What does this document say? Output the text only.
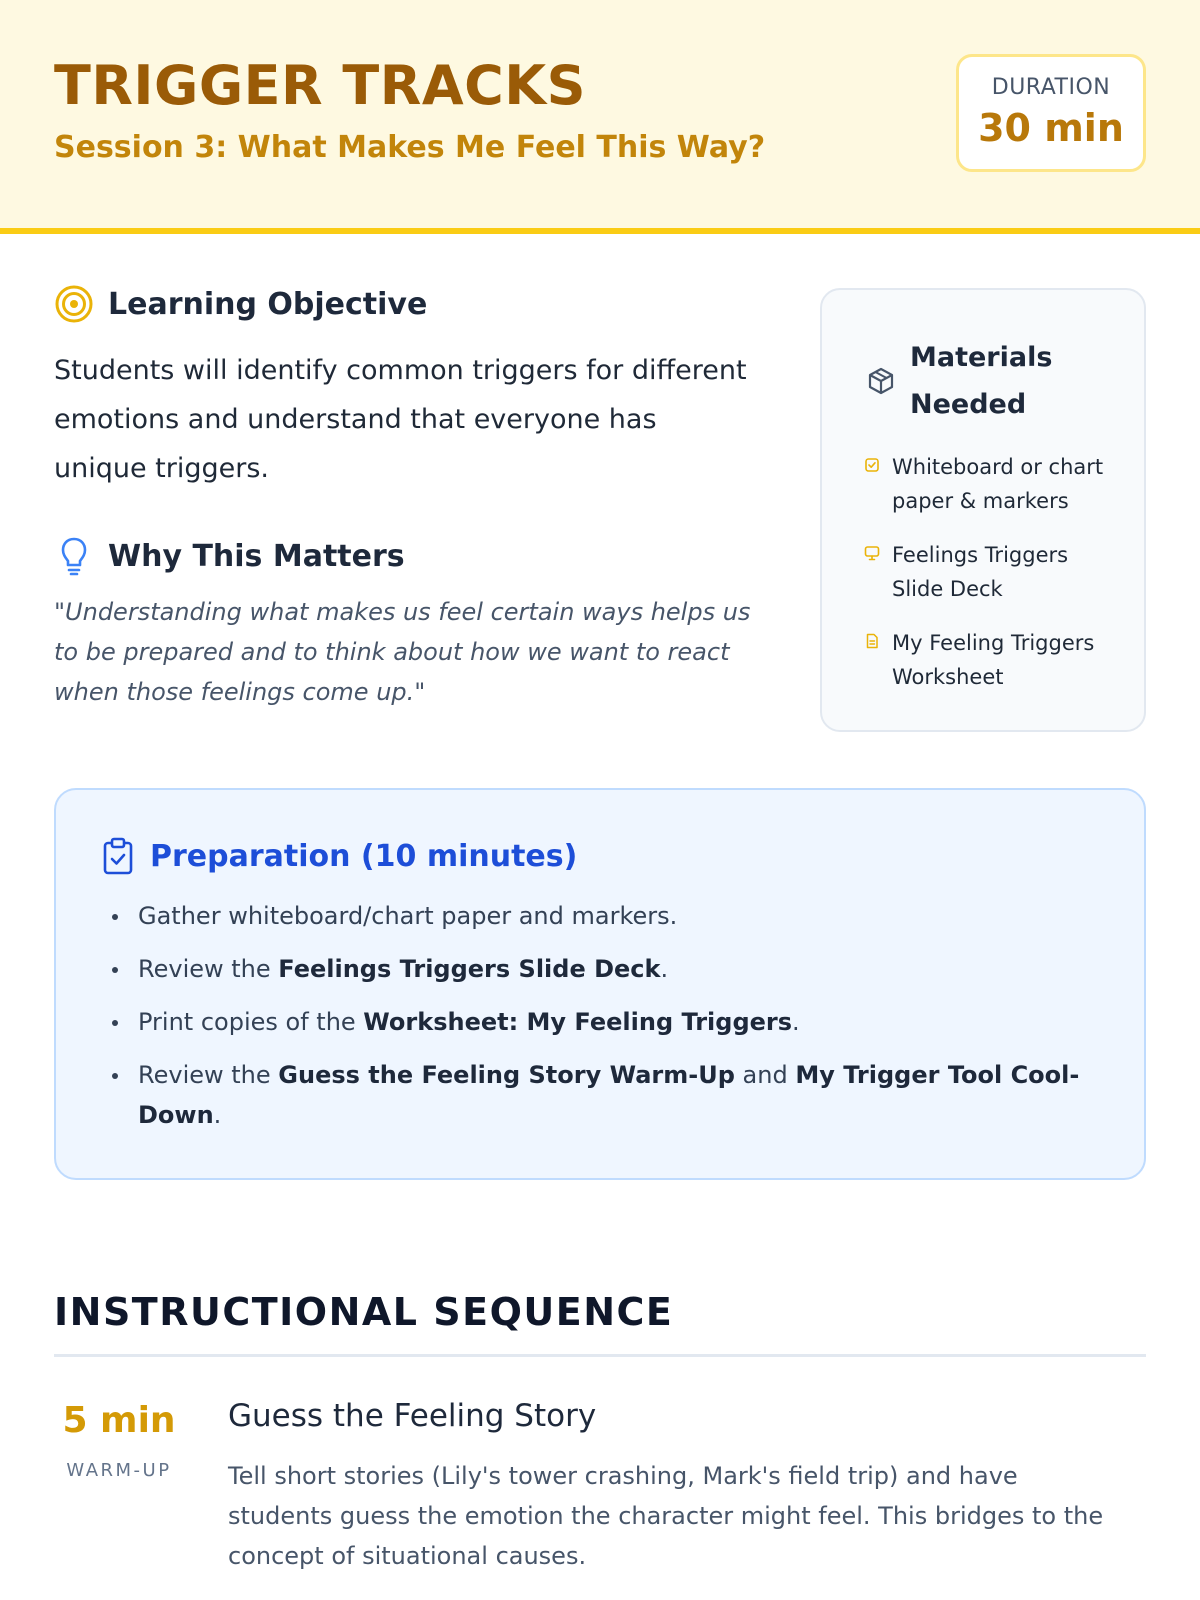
TRIGGER TRACKS
Session 3: What Makes Me Feel This Way?
DURATION
30 min
Learning Objective
Students will identify common triggers for different emotions and understand that everyone has unique triggers.
Why This Matters
"Understanding what makes us feel certain ways helps us to be prepared and to think about how we want to react when those feelings come up."
Materials Needed
Whiteboard or chart paper & markers
Feelings Triggers Slide Deck
My Feeling Triggers Worksheet
Preparation (10 minutes)
Gather whiteboard/chart paper and markers.
Review the Feelings Triggers Slide Deck.
Print copies of the Worksheet: My Feeling Triggers.
Review the Guess the Feeling Story Warm-Up and My Trigger Tool Cool-Down.
INSTRUCTIONAL SEQUENCE
5 min
WARM-UP
Guess the Feeling Story
Tell short stories (Lily's tower crashing, Mark's field trip) and have students guess the emotion the character might feel. This bridges to the concept of situational causes.
